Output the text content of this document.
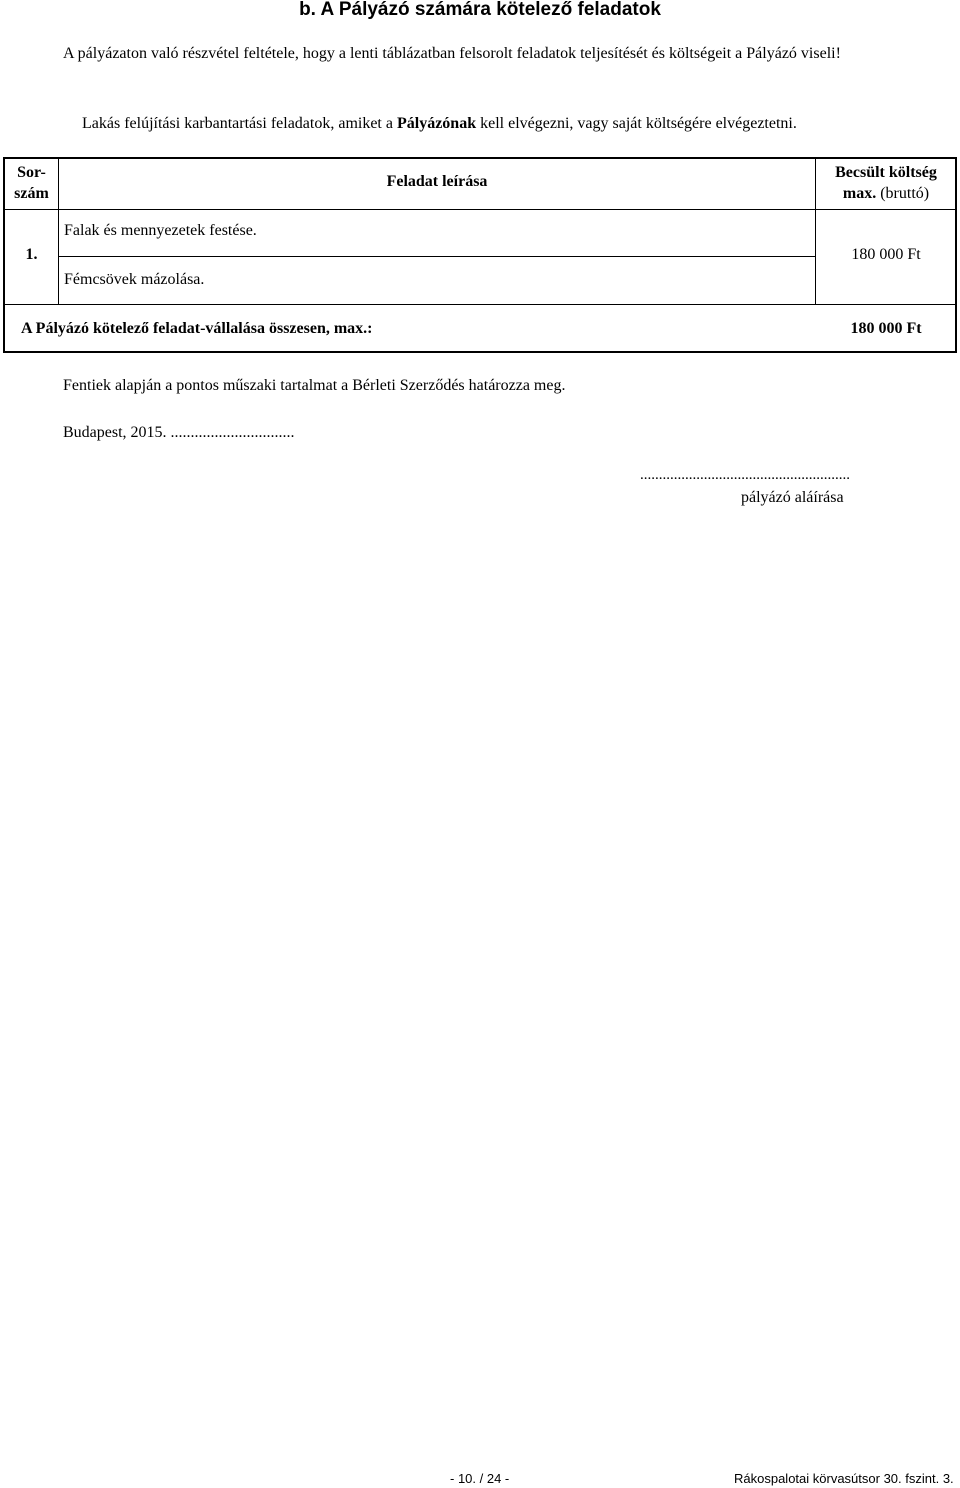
b. A Pályázó számára kötelező feladatok
A pályázaton való részvétel feltétele, hogy a lenti táblázatban felsorolt feladatok teljesítését és költségeit a Pályázó viseli!
Lakás felújítási karbantartási feladatok, amiket a Pályázónak kell elvégezni, vagy saját költségére elvégeztetni.
Sor-
szám
Feladat leírása
Becsült költség
max. (bruttó)
1.
Falak és mennyezetek festése.
Fémcsövek mázolása.
180 000 Ft
A Pályázó kötelező feladat-vállalása összesen, max.:	180 000 Ft
Fentiek alapján a pontos műszaki tartalmat a Bérleti Szerződés határozza meg.
Budapest, 2015. ...............................
........................................................
pályázó aláírása
- 10. / 24 -	Rákospalotai körvasútsor 30. fszint. 3.
